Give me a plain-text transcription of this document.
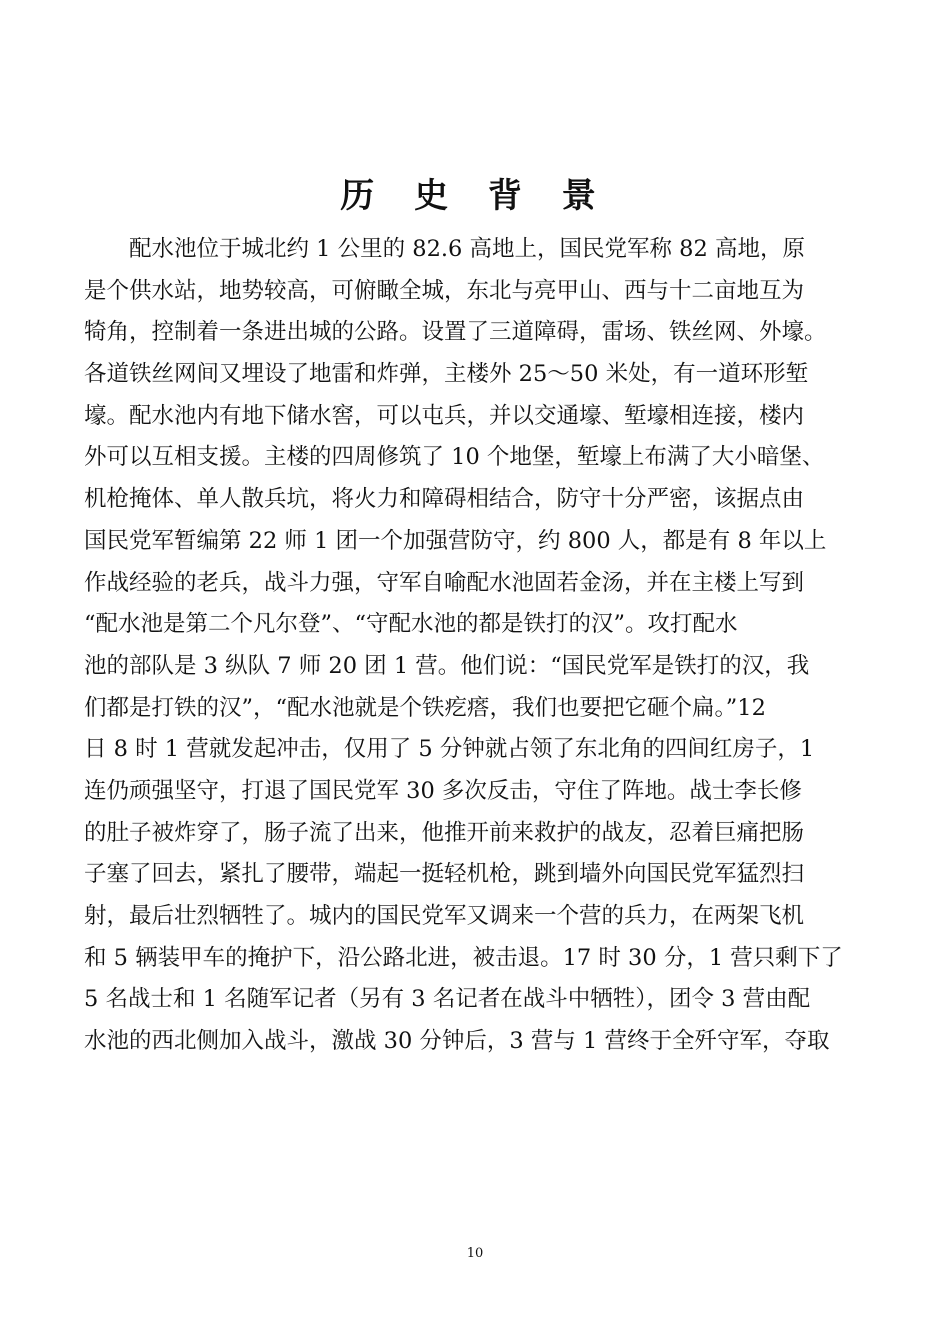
历 史 背 景
　　配水池位于城北约 1 公里的 82.6 高地上，国民党军称 82 高地，原
是个供水站，地势较高，可俯瞰全城，东北与亮甲山、西与十二亩地互为
犄角，控制着一条进出城的公路。设置了三道障碍，雷场、铁丝网、外壕。
各道铁丝网间又埋设了地雷和炸弹，主楼外 25～50 米处，有一道环形堑
壕。配水池内有地下储水窖，可以屯兵，并以交通壕、堑壕相连接，楼内
外可以互相支援。主楼的四周修筑了 10 个地堡，堑壕上布满了大小暗堡、
机枪掩体、单人散兵坑，将火力和障碍相结合，防守十分严密，该据点由
国民党军暂编第 22 师 1 团一个加强营防守，约 800 人，都是有 8 年以上
作战经验的老兵，战斗力强，守军自喻配水池固若金汤，并在主楼上写到
“配水池是第二个凡尔登”、“守配水池的都是铁打的汉”。攻打配水
池的部队是 3 纵队 7 师 20 团 1 营。他们说：“国民党军是铁打的汉，我
们都是打铁的汉”，“配水池就是个铁疙瘩，我们也要把它砸个扁。”12
日 8 时 1 营就发起冲击，仅用了 5 分钟就占领了东北角的四间红房子，1
连仍顽强坚守，打退了国民党军 30 多次反击，守住了阵地。战士李长修
的肚子被炸穿了，肠子流了出来，他推开前来救护的战友，忍着巨痛把肠
子塞了回去，紧扎了腰带，端起一挺轻机枪，跳到墙外向国民党军猛烈扫
射，最后壮烈牺牲了。城内的国民党军又调来一个营的兵力，在两架飞机
和 5 辆装甲车的掩护下，沿公路北进，被击退。17 时 30 分，1 营只剩下了
5 名战士和 1 名随军记者（另有 3 名记者在战斗中牺牲），团令 3 营由配
水池的西北侧加入战斗，激战 30 分钟后，3 营与 1 营终于全歼守军，夺取
10
